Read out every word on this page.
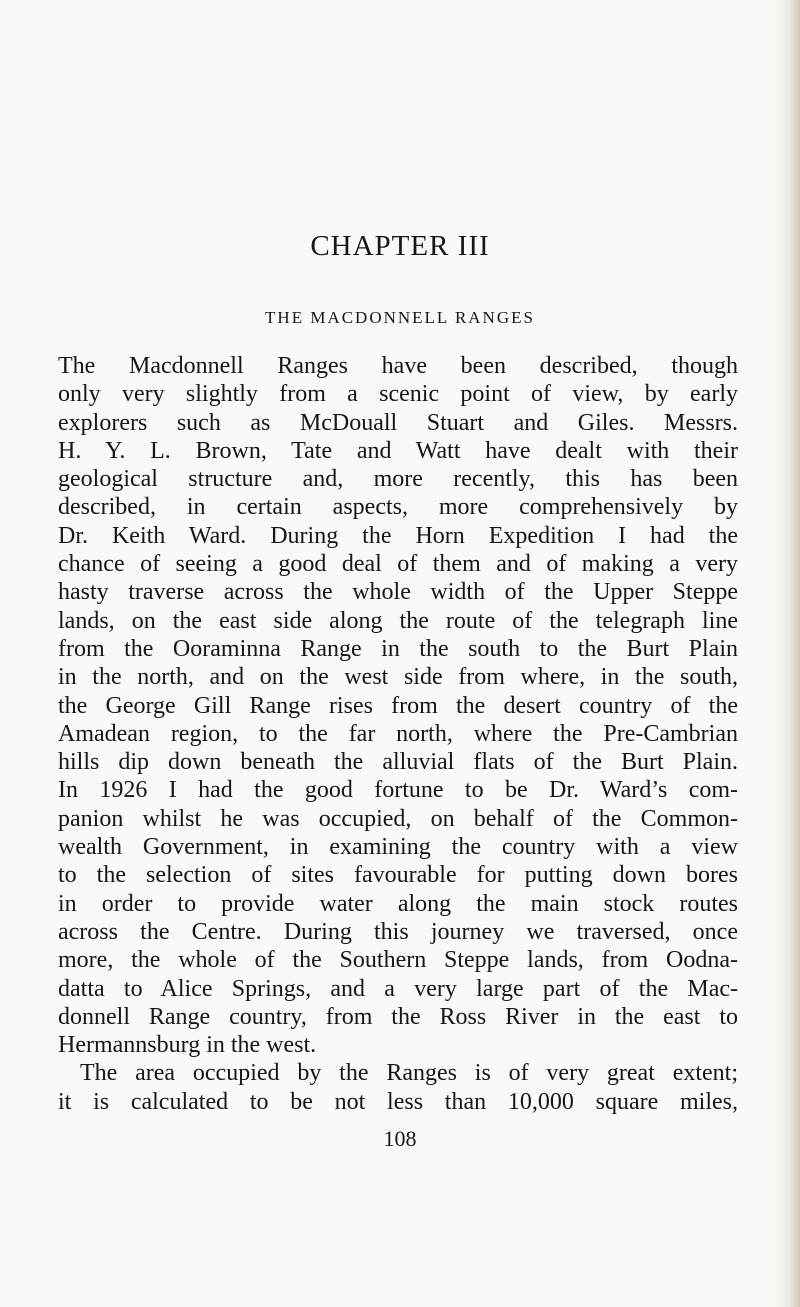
CHAPTER III
THE MACDONNELL RANGES
The Macdonnell Ranges have been described, though
only very slightly from a scenic point of view, by early
explorers such as McDouall Stuart and Giles. Messrs.
H. Y. L. Brown, Tate and Watt have dealt with their
geological structure and, more recently, this has been
described, in certain aspects, more comprehensively by
Dr. Keith Ward. During the Horn Expedition I had the
chance of seeing a good deal of them and of making a very
hasty traverse across the whole width of the Upper Steppe
lands, on the east side along the route of the telegraph line
from the Ooraminna Range in the south to the Burt Plain
in the north, and on the west side from where, in the south,
the George Gill Range rises from the desert country of the
Amadean region, to the far north, where the Pre-Cambrian
hills dip down beneath the alluvial flats of the Burt Plain.
In 1926 I had the good fortune to be Dr. Ward’s com-
panion whilst he was occupied, on behalf of the Common-
wealth Government, in examining the country with a view
to the selection of sites favourable for putting down bores
in order to provide water along the main stock routes
across the Centre. During this journey we traversed, once
more, the whole of the Southern Steppe lands, from Oodna-
datta to Alice Springs, and a very large part of the Mac-
donnell Range country, from the Ross River in the east to
Hermannsburg in the west.
The area occupied by the Ranges is of very great extent;
it is calculated to be not less than 10,000 square miles,
108
